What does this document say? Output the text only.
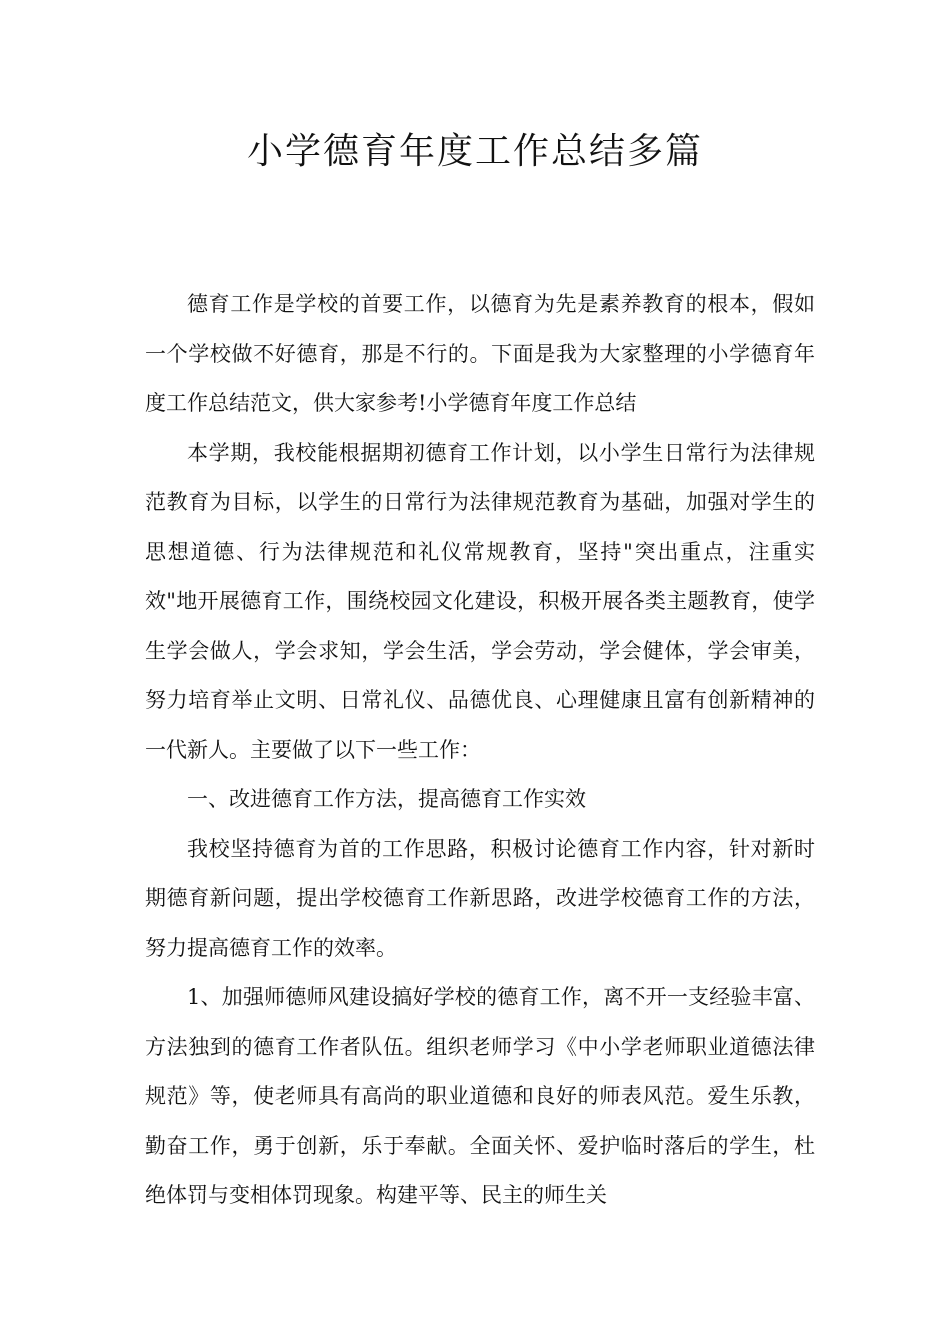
小学德育年度工作总结多篇

德育工作是学校的首要工作，以德育为先是素养教育的根本，假如一个学校做不好德育，那是不行的。下面是我为大家整理的小学德育年度工作总结范文，供大家参考!小学德育年度工作总结

本学期，我校能根据期初德育工作计划，以小学生日常行为法律规范教育为目标，以学生的日常行为法律规范教育为基础，加强对学生的思想道德、行为法律规范和礼仪常规教育，坚持"突出重点，注重实效"地开展德育工作，围绕校园文化建设，积极开展各类主题教育，使学生学会做人，学会求知，学会生活，学会劳动，学会健体，学会审美，努力培育举止文明、日常礼仪、品德优良、心理健康且富有创新精神的一代新人。主要做了以下一些工作：

一、改进德育工作方法，提高德育工作实效

我校坚持德育为首的工作思路，积极讨论德育工作内容，针对新时期德育新问题，提出学校德育工作新思路，改进学校德育工作的方法，努力提高德育工作的效率。

1、加强师德师风建设搞好学校的德育工作，离不开一支经验丰富、方法独到的德育工作者队伍。组织老师学习《中小学老师职业道德法律规范》等，使老师具有高尚的职业道德和良好的师表风范。爱生乐教，勤奋工作，勇于创新，乐于奉献。全面关怀、爱护临时落后的学生，杜绝体罚与变相体罚现象。构建平等、民主的师生关
